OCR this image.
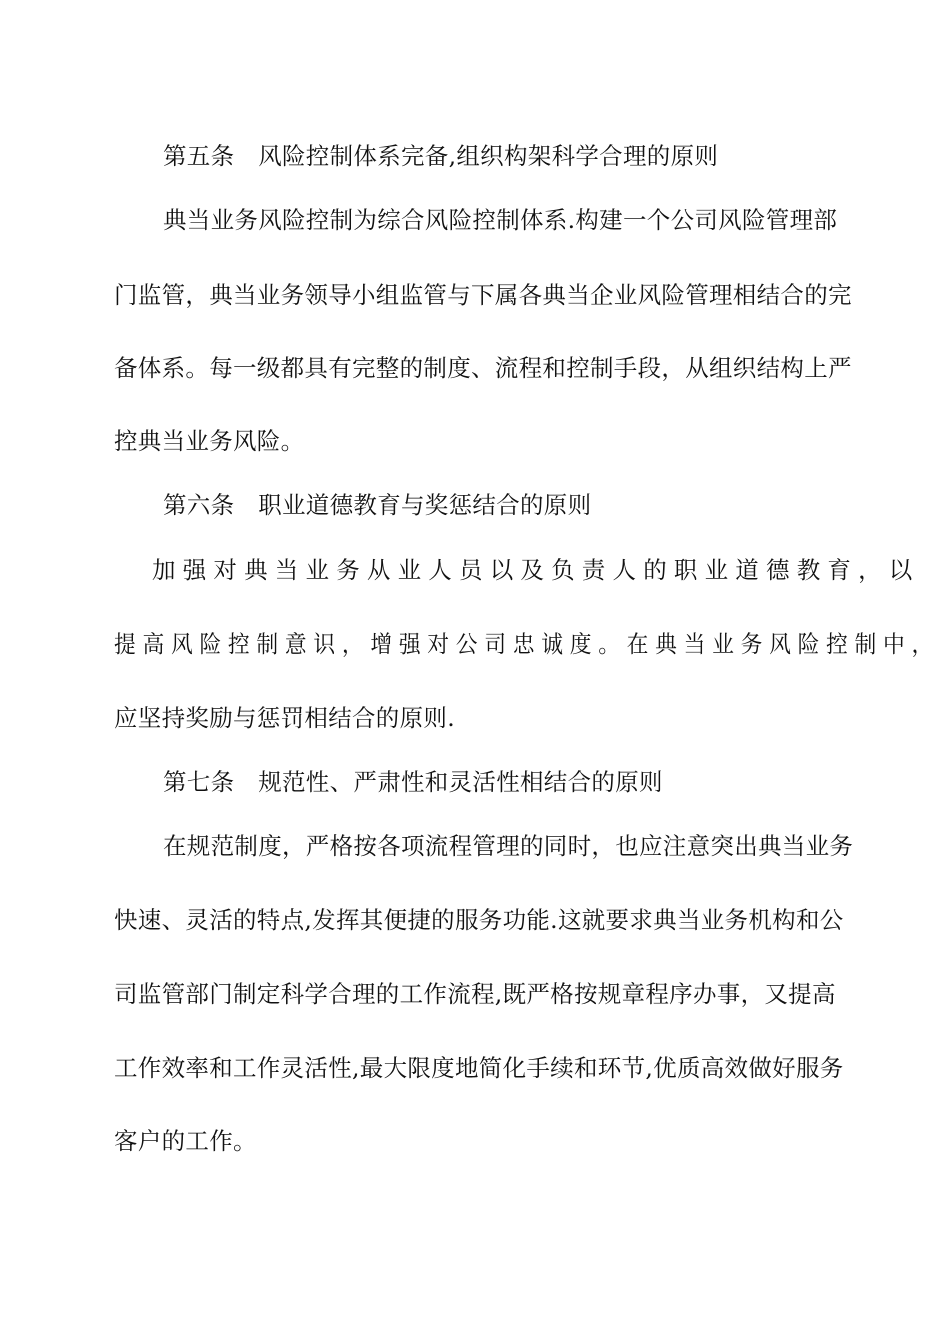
第五条　风险控制体系完备,组织构架科学合理的原则
典当业务风险控制为综合风险控制体系.构建一个公司风险管理部
门监管，典当业务领导小组监管与下属各典当企业风险管理相结合的完
备体系。每一级都具有完整的制度、流程和控制手段，从组织结构上严
控典当业务风险。
第六条　职业道德教育与奖惩结合的原则
加强对典当业务从业人员以及负责人的职业道德教育，以
提高风险控制意识，增强对公司忠诚度。在典当业务风险控制中，
应坚持奖励与惩罚相结合的原则.
第七条　规范性、严肃性和灵活性相结合的原则
在规范制度，严格按各项流程管理的同时，也应注意突出典当业务
快速、灵活的特点,发挥其便捷的服务功能.这就要求典当业务机构和公
司监管部门制定科学合理的工作流程,既严格按规章程序办事，又提高
工作效率和工作灵活性,最大限度地简化手续和环节,优质高效做好服务
客户的工作。
